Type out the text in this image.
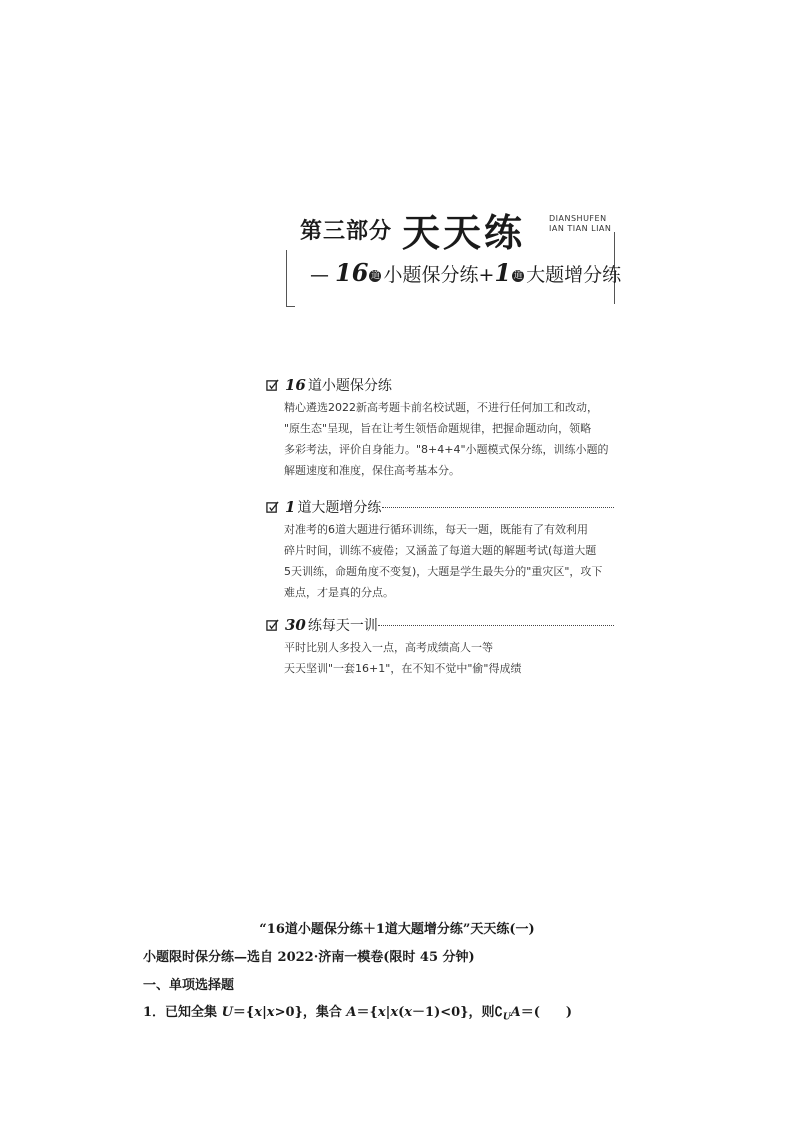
第三部分 天天练	DIANSHUFEN
IAN TIAN LIAN
— 16 道 小题保分练+1 道 大题增分练
16 道小题保分练
精心遴选2022新高考题卡前名校试题，不进行任何加工和改动，
"原生态"呈现，旨在让考生领悟命题规律，把握命题动向，领略
多彩考法，评价自身能力。"8+4+4"小题模式保分练，训练小题的
解题速度和准度，保住高考基本分。
1 道大题增分练
对准考的6道大题进行循环训练，每天一题，既能有了有效利用
碎片时间，训练不疲倦；又涵盖了每道大题的解题考试(每道大题
5天训练，命题角度不变复)，大题是学生最失分的"重灾区"，攻下
难点，才是真的分点。
30 练每天一训
平时比别人多投入一点，高考成绩高人一等
天天坚训"一套16+1"，在不知不觉中"偷"得成绩
“16道小题保分练＋1道大题增分练”天天练(一)
小题限时保分练—选自 2022·济南一模卷(限时 45 分钟)
一、单项选择题
1．已知全集 U＝{x|x>0}，集合 A＝{x|x(x－1)<0}，则$∁_UA=$(　　)
